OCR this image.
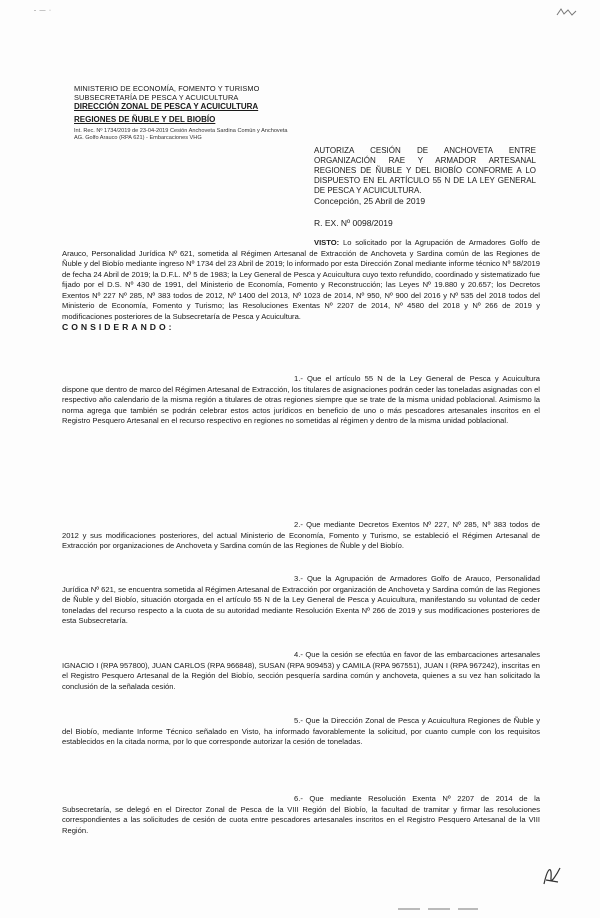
- — ·
MINISTERIO DE ECONOMÍA, FOMENTO Y TURISMO
SUBSECRETARÍA DE PESCA Y ACUICULTURA
DIRECCIÓN ZONAL DE PESCA Y ACUICULTURA
REGIONES DE ÑUBLE Y DEL BIOBÍO
Int. Rec. Nº 1734/2019 de 23-04-2019 Cesión Anchoveta Sardina Común y Anchoveta
AG. Golfo Arauco (RPA 621) - Embarcaciones VHG
AUTORIZA CESIÓN DE ANCHOVETA ENTRE ORGANIZACIÓN RAE Y ARMADOR ARTESANAL REGIONES DE ÑUBLE Y DEL BIOBÍO CONFORME A LO DISPUESTO EN EL ARTÍCULO 55 N DE LA LEY GENERAL DE PESCA Y ACUICULTURA.
Concepción, 25 Abril de 2019
R. EX. Nº 0098/2019
VISTO: Lo solicitado por la Agrupación de Armadores Golfo de Arauco, Personalidad Jurídica Nº 621, sometida al Régimen Artesanal de Extracción de Anchoveta y Sardina común de las Regiones de Ñuble y del Biobío mediante ingreso Nº 1734 del 23 Abril de 2019; lo informado por esta Dirección Zonal mediante informe técnico Nº 58/2019 de fecha 24 Abril de 2019; la D.F.L. Nº 5 de 1983; la Ley General de Pesca y Acuicultura cuyo texto refundido, coordinado y sistematizado fue fijado por el D.S. Nº 430 de 1991, del Ministerio de Economía, Fomento y Reconstrucción; las Leyes Nº 19.880 y 20.657; los Decretos Exentos Nº 227 Nº 285, Nº 383 todos de 2012, Nº 1400 del 2013, Nº 1023 de 2014, Nº 950, Nº 900 del 2016 y Nº 535 del 2018 todos del Ministerio de Economía, Fomento y Turismo; las Resoluciones Exentas Nº 2207 de 2014, Nº 4580 del 2018 y Nº 266 de 2019 y modificaciones posteriores de la Subsecretaría de Pesca y Acuicultura.
CONSIDERANDO:
1.- Que el artículo 55 N de la Ley General de Pesca y Acuicultura dispone que dentro de marco del Régimen Artesanal de Extracción, los titulares de asignaciones podrán ceder las toneladas asignadas con el respectivo año calendario de la misma región a titulares de otras regiones siempre que se trate de la misma unidad poblacional. Asimismo la norma agrega que también se podrán celebrar estos actos jurídicos en beneficio de uno o más pescadores artesanales inscritos en el Registro Pesquero Artesanal en el recurso respectivo en regiones no sometidas al régimen y dentro de la misma unidad poblacional.
2.- Que mediante Decretos Exentos Nº 227, Nº 285, Nº 383 todos de 2012 y sus modificaciones posteriores, del actual Ministerio de Economía, Fomento y Turismo, se estableció el Régimen Artesanal de Extracción por organizaciones de Anchoveta y Sardina común de las Regiones de Ñuble y del Biobío.
3.- Que la Agrupación de Armadores Golfo de Arauco, Personalidad Jurídica Nº 621, se encuentra sometida al Régimen Artesanal de Extracción por organización de Anchoveta y Sardina común de las Regiones de Ñuble y del Biobío, situación otorgada en el artículo 55 N de la Ley General de Pesca y Acuicultura, manifestando su voluntad de ceder toneladas del recurso respecto a la cuota de su autoridad mediante Resolución Exenta Nº 266 de 2019 y sus modificaciones posteriores de esta Subsecretaría.
4.- Que la cesión se efectúa en favor de las embarcaciones artesanales IGNACIO I (RPA 957800), JUAN CARLOS (RPA 966848), SUSAN (RPA 909453) y CAMILA (RPA 967551), JUAN I (RPA 967242), inscritas en el Registro Pesquero Artesanal de la Región del Biobío, sección pesquería sardina común y anchoveta, quienes a su vez han solicitado la conclusión de la señalada cesión.
5.- Que la Dirección Zonal de Pesca y Acuicultura Regiones de Ñuble y del Biobío, mediante Informe Técnico señalado en Visto, ha informado favorablemente la solicitud, por cuanto cumple con los requisitos establecidos en la citada norma, por lo que corresponde autorizar la cesión de toneladas.
6.- Que mediante Resolución Exenta Nº 2207 de 2014 de la Subsecretaría, se delegó en el Director Zonal de Pesca de la VIII Región del Biobío, la facultad de tramitar y firmar las resoluciones correspondientes a las solicitudes de cesión de cuota entre pescadores artesanales inscritos en el Registro Pesquero Artesanal de la VIII Región.
